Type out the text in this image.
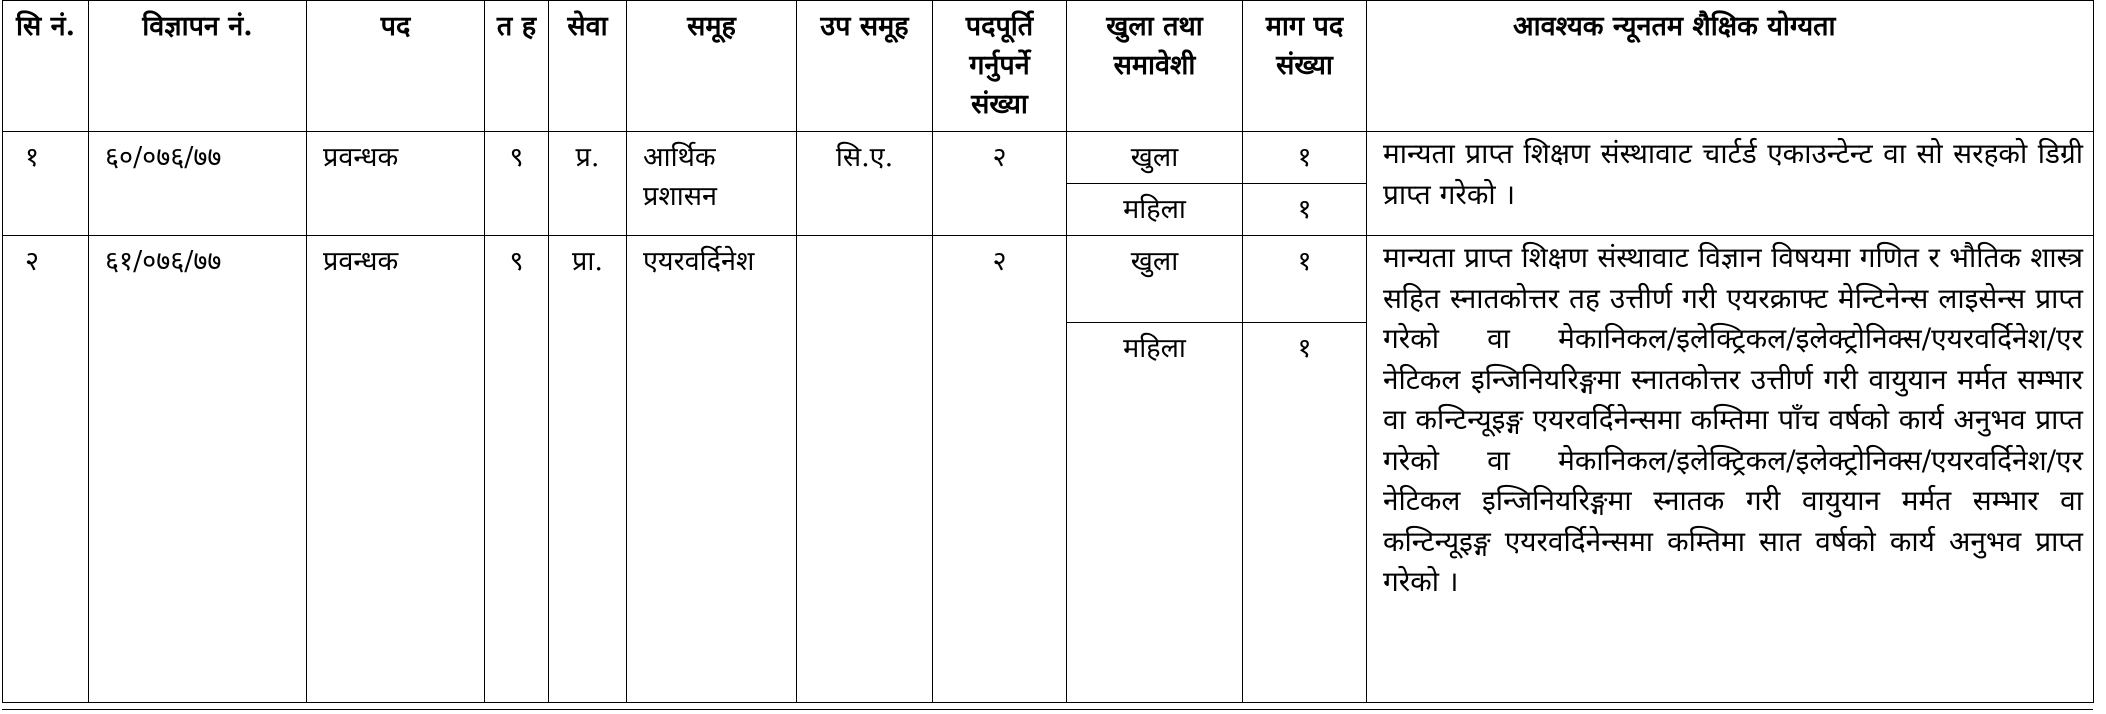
सि नं.	विज्ञापन नं.	पद	त ह	सेवा	समूह	उप समूह	पदपूर्ति गर्नुपर्ने संख्या	खुला तथा समावेशी	माग पद संख्या	आवश्यक न्यूनतम शैक्षिक योग्यता
१	६०/०७६/७७	प्रवन्धक	९	प्र.	आर्थिक प्रशासन	सि.ए.	२	खुला	१	मान्यता प्राप्त शिक्षण संस्थावाट चार्टर्ड एकाउन्टेन्ट वा सो सरहको डिग्री प्राप्त गरेको ।
								महिला	१	
२	६१/०७६/७७	प्रवन्धक	९	प्रा.	एयरवर्दिनेश		२	खुला	१	मान्यता प्राप्त शिक्षण संस्थावाट विज्ञान विषयमा गणित र भौतिक शास्त्र सहित स्नातकोत्तर तह उत्तीर्ण गरी एयरक्राफ्ट मेन्टिनेन्स लाइसेन्स प्राप्त गरेको वा मेकानिकल/इलेक्ट्रिकल/इलेक्ट्रोनिक्स/एयरवर्दिनेश/एर नेटिकल इन्जिनियरिङ्गमा स्नातकोत्तर उत्तीर्ण गरी वायुयान मर्मत सम्भार वा कन्टिन्यूइङ्ग एयरवर्दिनेन्समा कम्तिमा पाँच वर्षको कार्य अनुभव प्राप्त गरेको वा मेकानिकल/इलेक्ट्रिकल/इलेक्ट्रोनिक्स/एयरवर्दिनेश/एर नेटिकल इन्जिनियरिङ्गमा स्नातक गरी वायुयान मर्मत सम्भार वा कन्टिन्यूइङ्ग एयरवर्दिनेन्समा कम्तिमा सात वर्षको कार्य अनुभव प्राप्त गरेको ।
								महिला	१	
